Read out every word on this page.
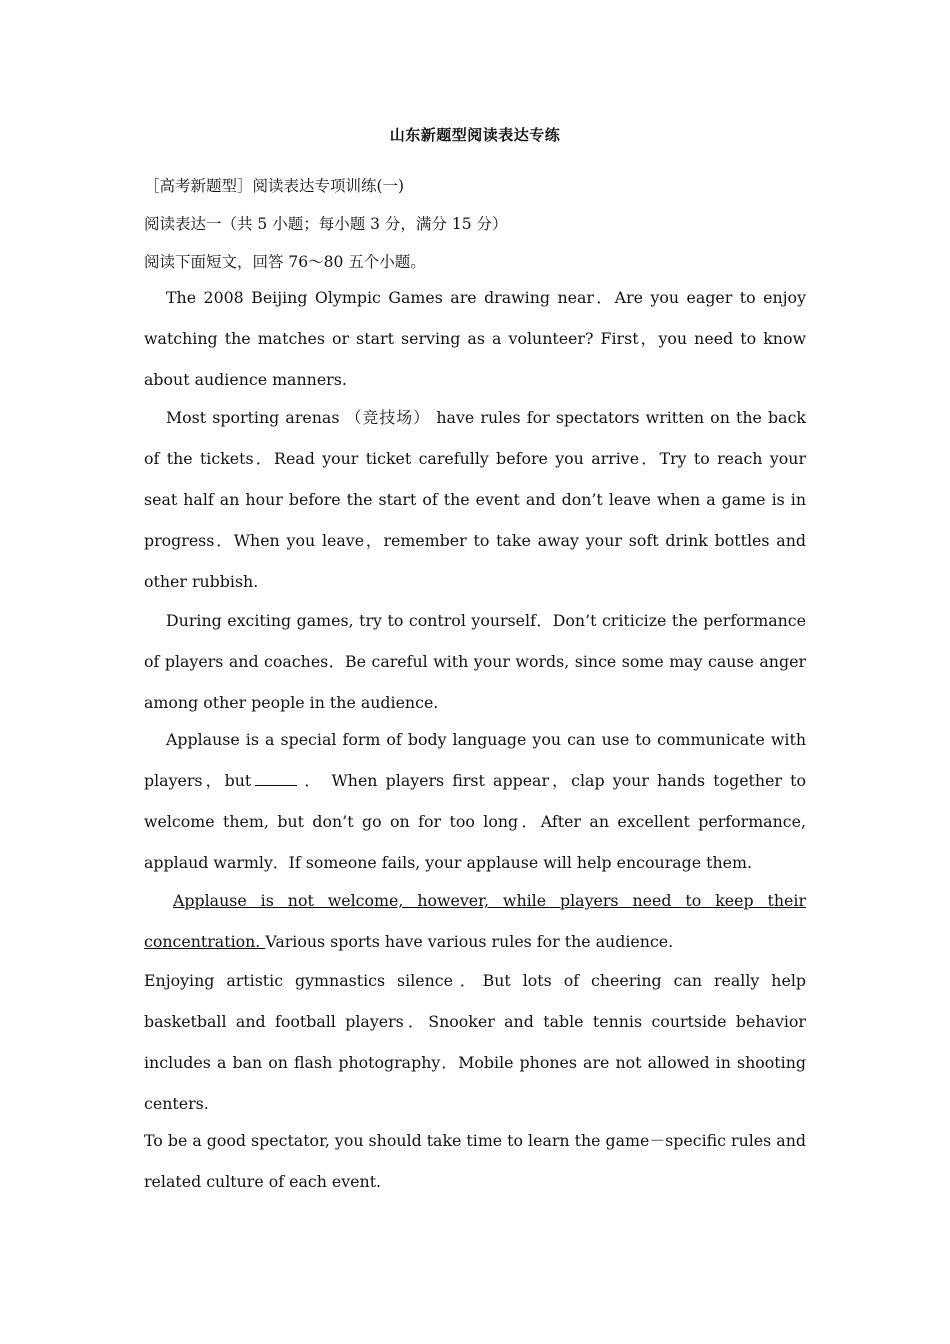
山东新题型阅读表达专练
［高考新题型］阅读表达专项训练(一)
阅读表达一（共 5 小题；每小题 3 分，满分 15 分）
阅读下面短文，回答 76～80 五个小题。

The 2008 Beijing Olympic Games are drawing near．Are you eager to enjoy watching the matches or start serving as a volunteer? First，you need to know about audience manners.

Most sporting arenas （竞技场） have rules for spectators written on the back of the tickets．Read your ticket carefully before you arrive．Try to reach your seat half an hour before the start of the event and don’t leave when a game is in progress．When you leave，remember to take away your soft drink bottles and other rubbish.

During exciting games, try to control yourself．Don’t criticize the performance of players and coaches．Be careful with your words, since some may cause anger among other people in the audience.

Applause is a special form of body language you can use to communicate with players，but	． When players first appear，clap your hands together to welcome them, but don’t go on for too long．After an excellent performance, applaud warmly．If someone fails, your applause will help encourage them.

Applause is not welcome, however, while players need to keep their concentration. Various sports have various rules for the audience.

Enjoying artistic gymnastics silence．But lots of cheering can really help basketball and football players．Snooker and table tennis courtside behavior includes a ban on flash photography．Mobile phones are not allowed in shooting centers.

To be a good spectator, you should take time to learn the game－specific rules and related culture of each event.
